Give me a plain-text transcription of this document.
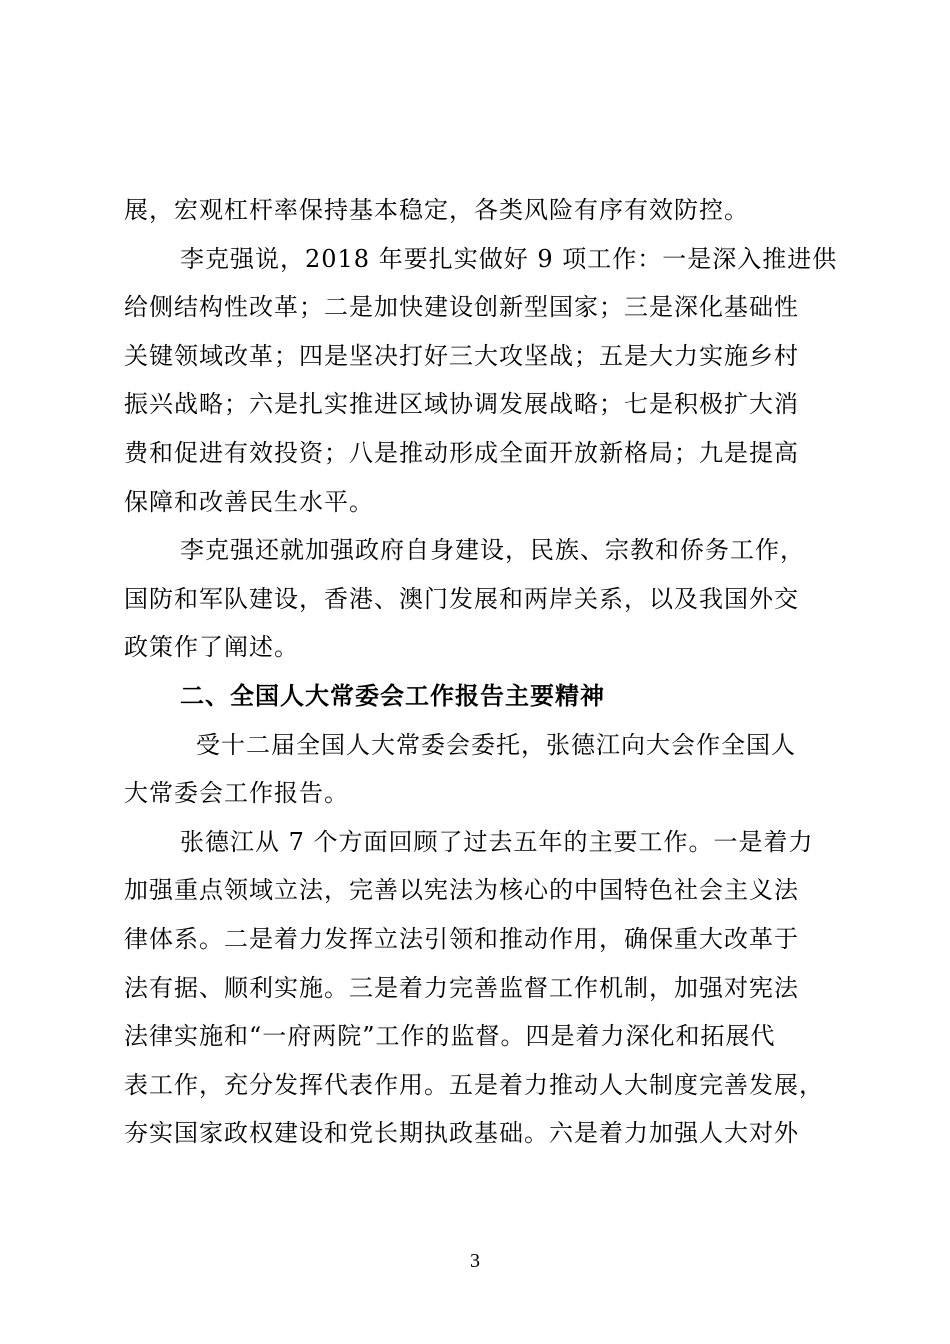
展，宏观杠杆率保持基本稳定，各类风险有序有效防控。
李克强说，2018 年要扎实做好 9 项工作：一是深入推进供
给侧结构性改革；二是加快建设创新型国家；三是深化基础性
关键领域改革；四是坚决打好三大攻坚战；五是大力实施乡村
振兴战略；六是扎实推进区域协调发展战略；七是积极扩大消
费和促进有效投资；八是推动形成全面开放新格局；九是提高
保障和改善民生水平。
李克强还就加强政府自身建设，民族、宗教和侨务工作，
国防和军队建设，香港、澳门发展和两岸关系，以及我国外交
政策作了阐述。
二、全国人大常委会工作报告主要精神
受十二届全国人大常委会委托，张德江向大会作全国人
大常委会工作报告。
张德江从 7 个方面回顾了过去五年的主要工作。一是着力
加强重点领域立法，完善以宪法为核心的中国特色社会主义法
律体系。二是着力发挥立法引领和推动作用，确保重大改革于
法有据、顺利实施。三是着力完善监督工作机制，加强对宪法
法律实施和“一府两院”工作的监督。四是着力深化和拓展代
表工作，充分发挥代表作用。五是着力推动人大制度完善发展，
夯实国家政权建设和党长期执政基础。六是着力加强人大对外
3
